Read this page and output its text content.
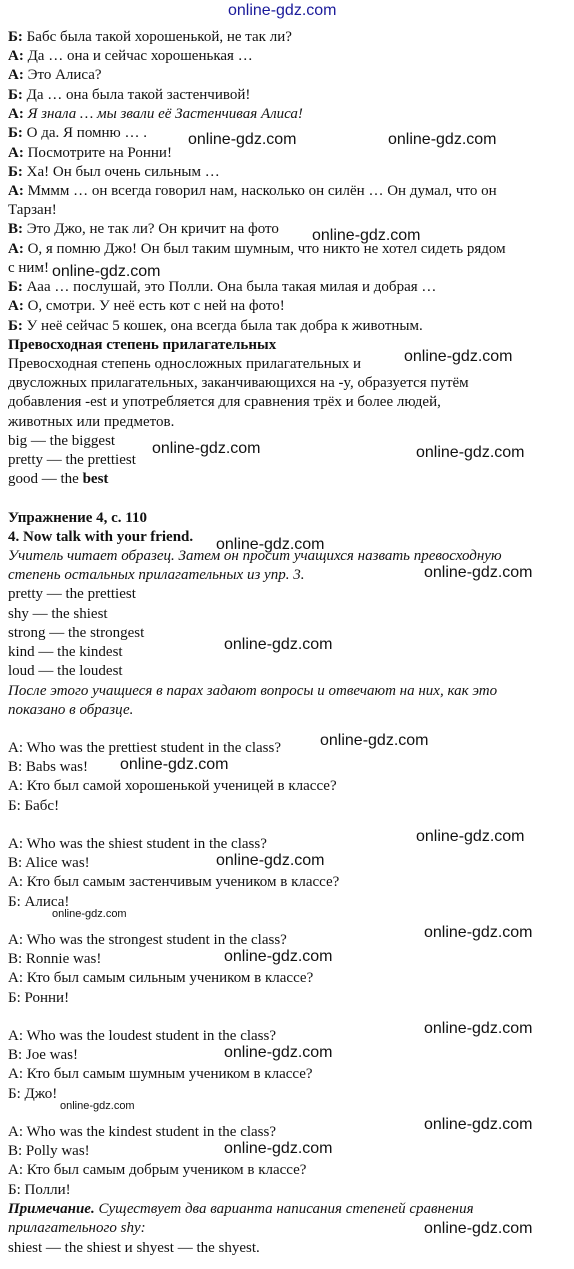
Б: Бабс была такой хорошенькой, не так ли?
А: Да … она и сейчас хорошенькая …
А: Это Алиса?
Б: Да … она была такой застенчивой!
А: Я знала … мы звали её Застенчивая Алиса!
Б: О да. Я помню … .
А: Посмотрите на Ронни!
Б: Ха! Он был очень сильным …
А: Мммм … он всегда говорил нам, насколько он силён … Он думал, что он
Тарзан!
В: Это Джо, не так ли? Он кричит на фото
А: О, я помню Джо! Он был таким шумным, что никто не хотел сидеть рядом
с ним!
Б: Ааа … послушай, это Полли. Она была такая милая и добрая …
А: О, смотри. У неё есть кот с ней на фото!
Б: У неё сейчас 5 кошек, она всегда была так добра к животным.
Превосходная степень прилагательных
Превосходная степень односложных прилагательных и
двусложных прилагательных, заканчивающихся на -y, образуется путём
добавления -est и употребляется для сравнения трёх и более людей,
животных или предметов.
big — the biggest
pretty — the prettiest
good — the best
Упражнение 4, с. 110
4. Now talk with your friend.
Учитель читает образец. Затем он просит учащихся назвать превосходную
степень остальных прилагательных из упр. 3.
pretty — the prettiest
shy — the shiest
strong — the strongest
kind — the kindest
loud — the loudest
После этого учащиеся в парах задают вопросы и отвечают на них, как это
показано в образце.
A: Who was the prettiest student in the class?
B: Babs was!
А: Кто был самой хорошенькой ученицей в классе?
Б: Бабс!
A: Who was the shiest student in the class?
B: Alice was!
А: Кто был самым застенчивым учеником в классе?
Б: Алиса!
A: Who was the strongest student in the class?
B: Ronnie was!
А: Кто был самым сильным учеником в классе?
Б: Ронни!
A: Who was the loudest student in the class?
B: Joe was!
А: Кто был самым шумным учеником в классе?
Б: Джо!
A: Who was the kindest student in the class?
B: Polly was!
А: Кто был самым добрым учеником в классе?
Б: Полли!
Примечание. Существует два варианта написания степеней сравнения
прилагательного shy:
shiest — the shiest и shyest — the shyest.
online-gdz.com
online-gdz.com	online-gdz.com
online-gdz.com
online-gdz.com
online-gdz.com
online-gdz.com	online-gdz.com
online-gdz.com
online-gdz.com
online-gdz.com
online-gdz.com
online-gdz.com
online-gdz.com
online-gdz.com
online-gdz.com
online-gdz.com
online-gdz.com
online-gdz.com
online-gdz.com
online-gdz.com
online-gdz.com
online-gdz.com
online-gdz.com
